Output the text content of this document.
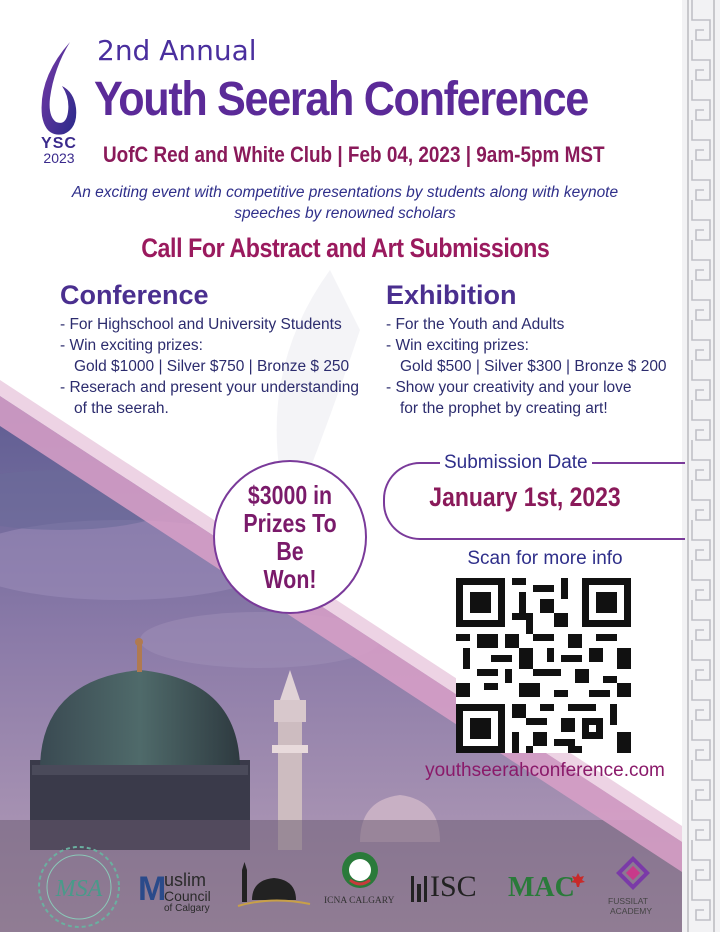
YSC
2023
2nd Annual
Youth Seerah Conference
UofC Red and White Club | Feb 04, 2023 | 9am-5pm MST
An exciting event with competitive presentations by students along with keynote speeches by renowned scholars
Call For Abstract and Art Submissions
Conference
- For Highschool and University Students
- Win exciting prizes:
Gold $1000 | Silver $750 | Bronze $ 250
- Reserach and present your understanding
of the seerah.
Exhibition
- For the Youth and Adults
- Win exciting prizes:
Gold $500 | Silver $300 | Bronze $ 200
- Show your creativity and your love
for the prophet by creating art!
$3000 in
Prizes To Be
Won!
Submission Date
January 1st, 2023
Scan for more info
youthseerahconference.com
MSA M
uslim
Council
of Calgary
ICNA CALGARY ISC MAC	FUSSILAT
ACADEMY
